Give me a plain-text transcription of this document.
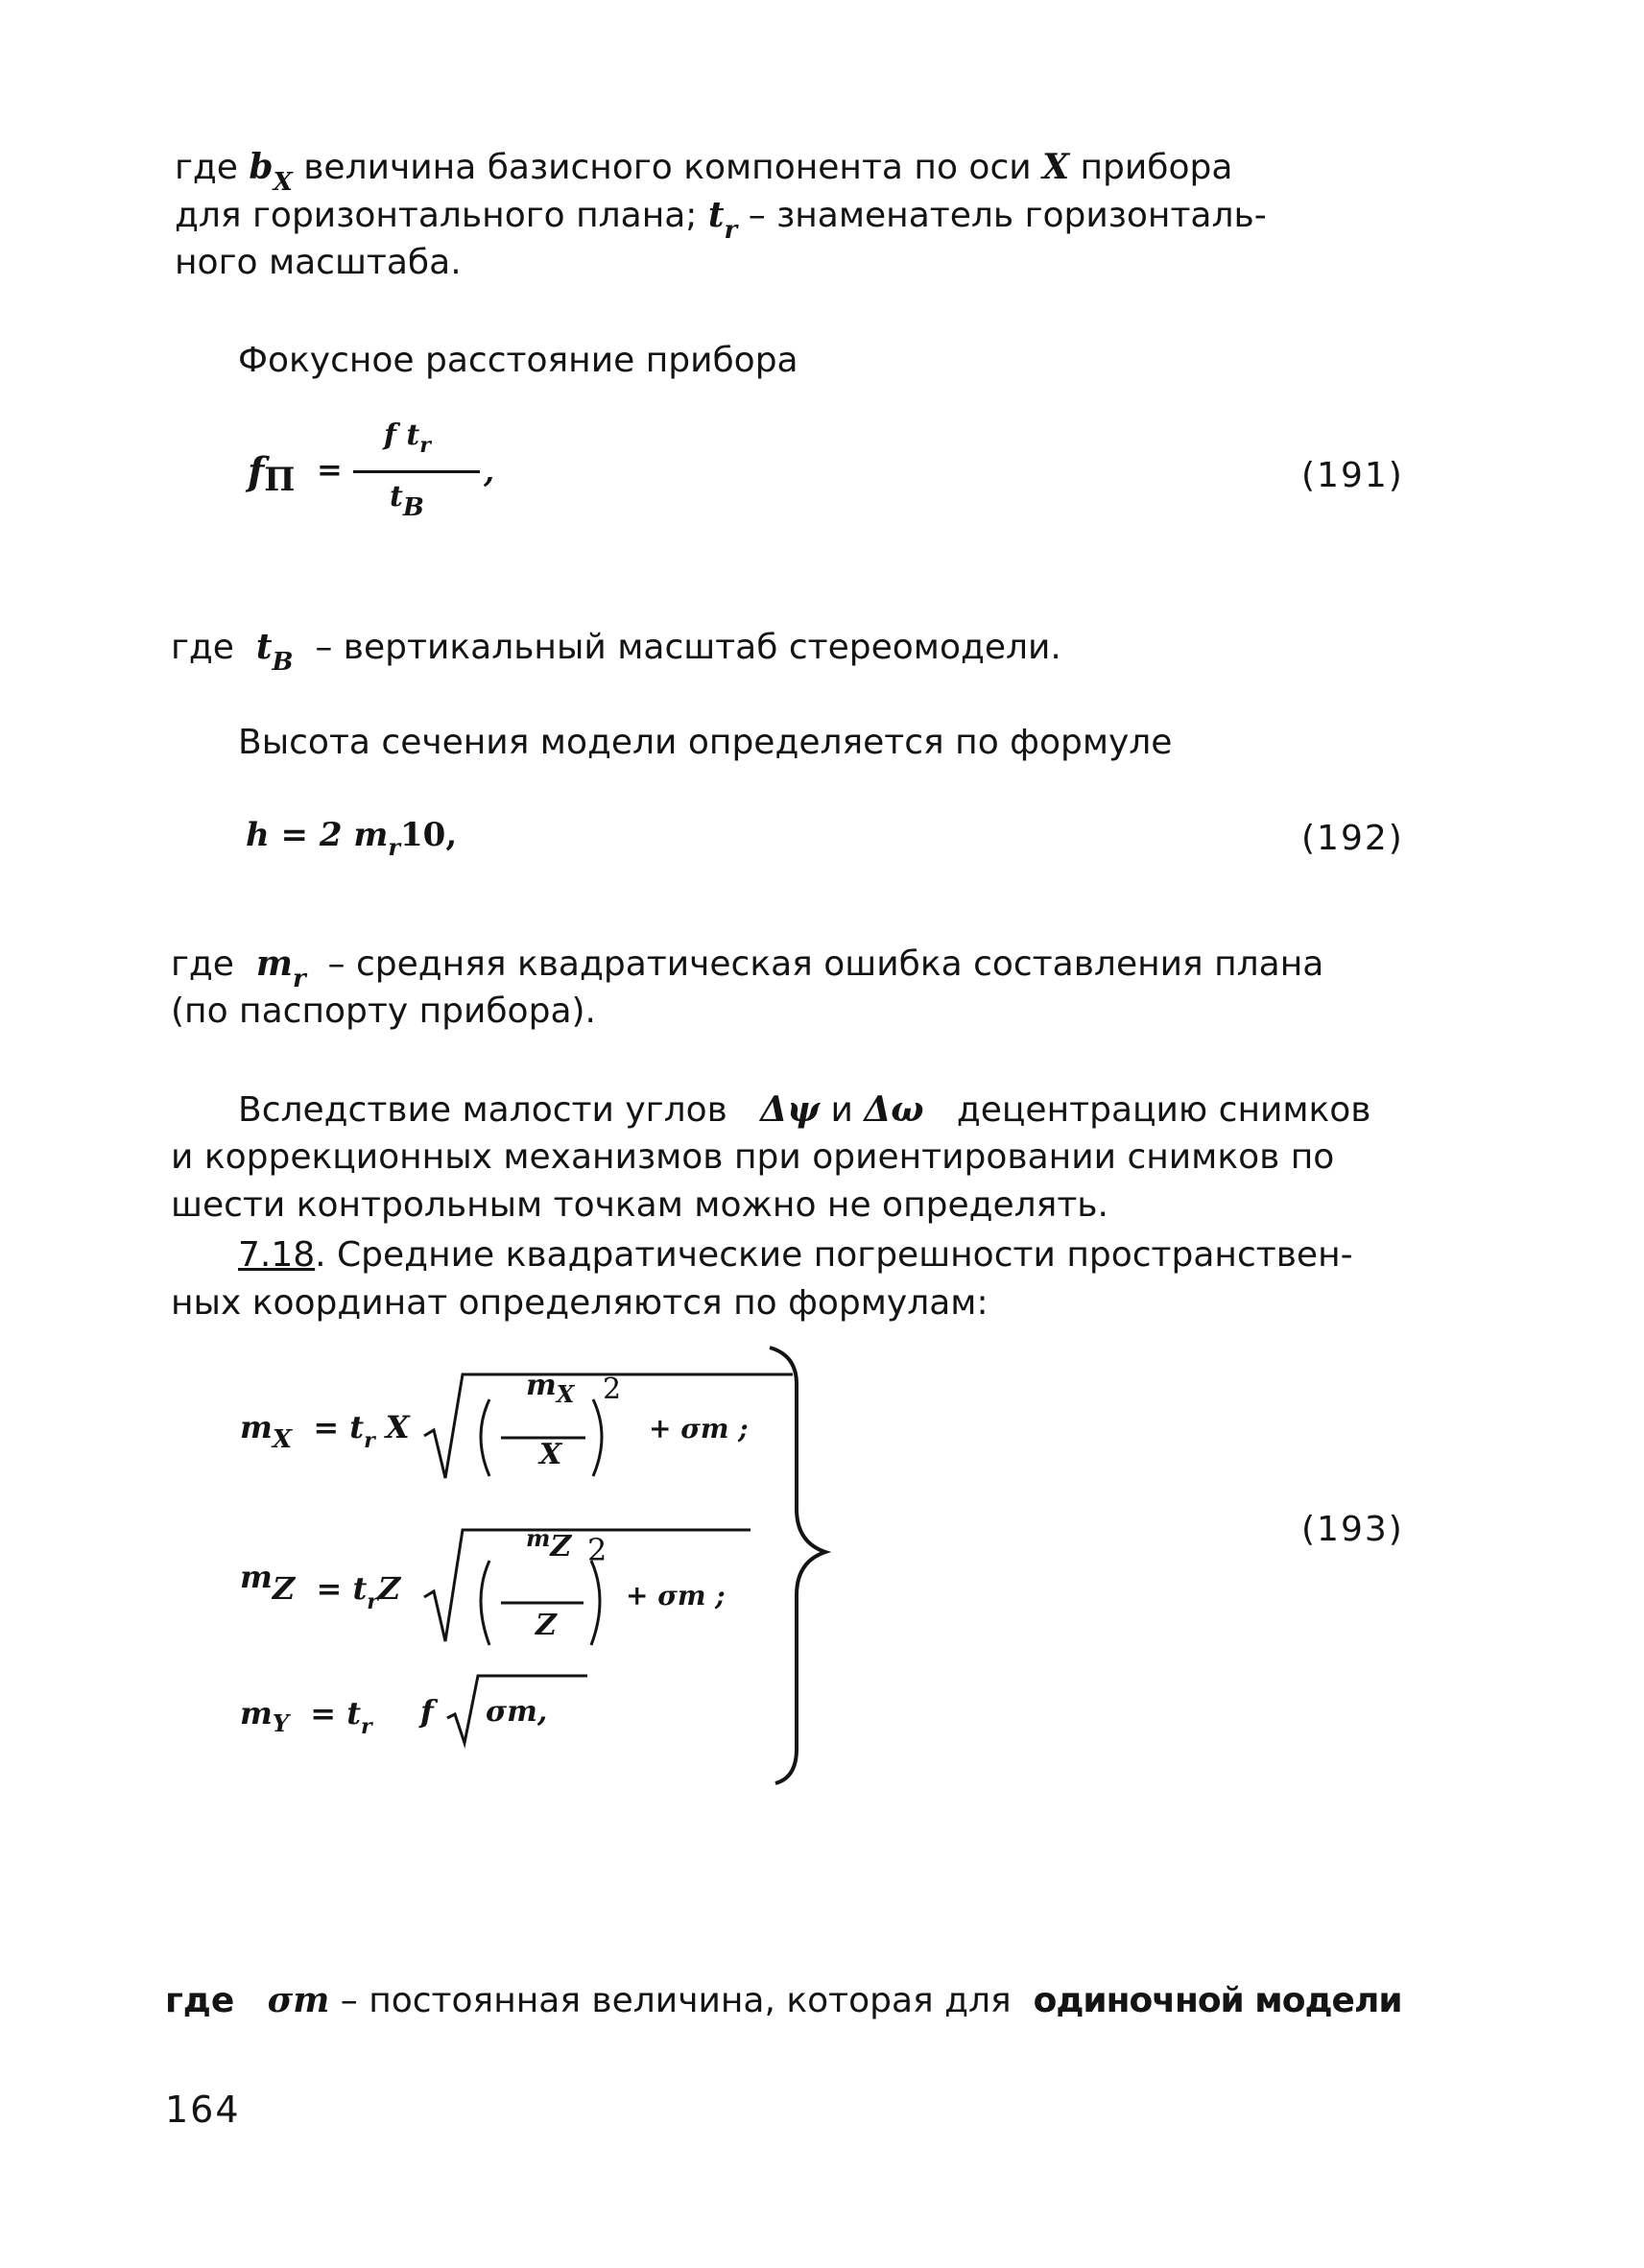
где $b_X$ величина базисного компонента по оси X прибора
для горизонтального плана; $t_r$ – знаменатель горизонталь-
ного масштаба.
Фокусное расстояние прибора
fП =
f $t_r$
tB
,	(191)
где $t_B$ – вертикальный масштаб стереомодели.
Высота сечения модели определяется по формуле
h = 2 $m_r10$,	(192)
где $m_r$ – средняя квадратическая ошибка составления плана
(по паспорту прибора).
Вследствие малости углов Δψ и Δω децентрацию снимков
и коррекционных механизмов при ориентировании снимков по
шести контрольным точкам можно не определять.
7.18. Средние квадратические погрешности пространствен-
ных координат определяются по формулам:
$m_X = t_r$ X
$m_X$
X
2
+ σm ;
mZ = $t_rZ$
$^m$Z
Z
2
+ σm ;
$m_Y = t_r$ f σm,
(193)
где σm – постоянная величина, которая для одиночной модели
164
